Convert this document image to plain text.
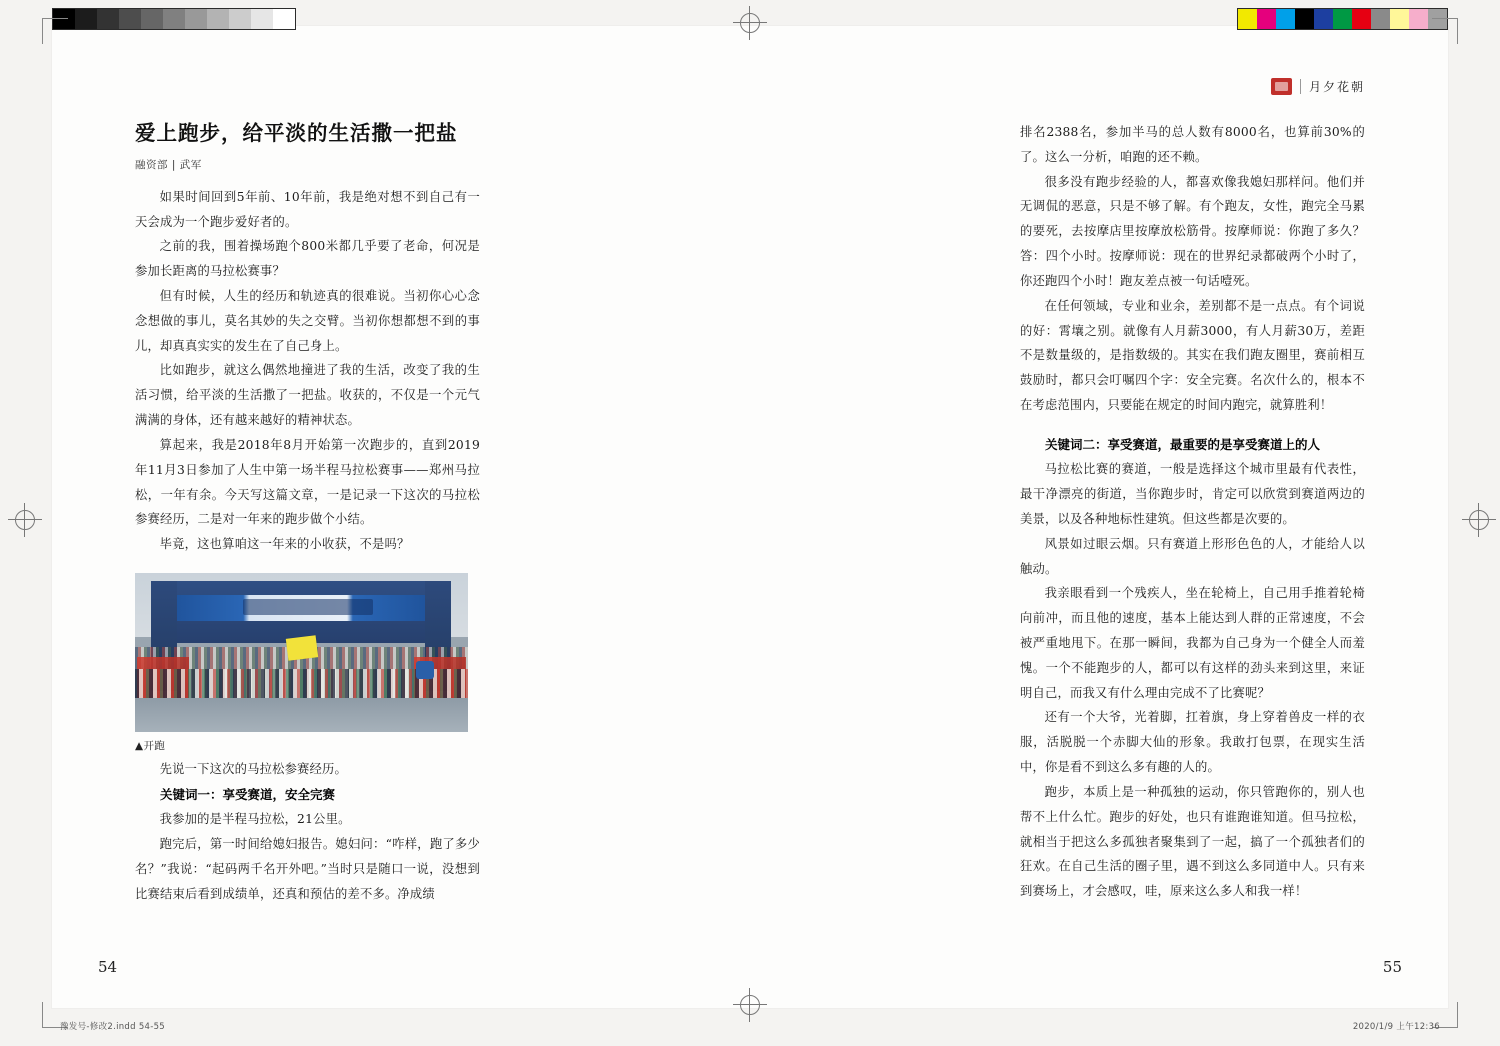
月夕花朝
爱上跑步，给平淡的生活撒一把盐
融资部 | 武军

如果时间回到5年前、10年前，我是绝对想不到自己有一天会成为一个跑步爱好者的。

之前的我，围着操场跑个800米都几乎要了老命，何况是参加长距离的马拉松赛事？

但有时候，人生的经历和轨迹真的很难说。当初你心心念念想做的事儿，莫名其妙的失之交臂。当初你想都想不到的事儿，却真真实实的发生在了自己身上。

比如跑步，就这么偶然地撞进了我的生活，改变了我的生活习惯，给平淡的生活撒了一把盐。收获的，不仅是一个元气满满的身体，还有越来越好的精神状态。

算起来，我是2018年8月开始第一次跑步的，直到2019年11月3日参加了人生中第一场半程马拉松赛事——郑州马拉松，一年有余。今天写这篇文章，一是记录一下这次的马拉松参赛经历，二是对一年来的跑步做个小结。

毕竟，这也算咱这一年来的小收获，不是吗？

▲开跑

先说一下这次的马拉松参赛经历。

关键词一：享受赛道，安全完赛

我参加的是半程马拉松，21公里。

跑完后，第一时间给媳妇报告。媳妇问：“咋样，跑了多少名？”我说：“起码两千名开外吧。”当时只是随口一说，没想到比赛结束后看到成绩单，还真和预估的差不多。净成绩

排名2388名，参加半马的总人数有8000名，也算前30%的了。这么一分析，咱跑的还不赖。

很多没有跑步经验的人，都喜欢像我媳妇那样问。他们并无调侃的恶意，只是不够了解。有个跑友，女性，跑完全马累的要死，去按摩店里按摩放松筋骨。按摩师说：你跑了多久？答：四个小时。按摩师说：现在的世界纪录都破两个小时了，你还跑四个小时！跑友差点被一句话噎死。

在任何领域，专业和业余，差别都不是一点点。有个词说的好：霄壤之别。就像有人月薪3000，有人月薪30万，差距不是数量级的，是指数级的。其实在我们跑友圈里，赛前相互鼓励时，都只会叮嘱四个字：安全完赛。名次什么的，根本不在考虑范围内，只要能在规定的时间内跑完，就算胜利！

关键词二：享受赛道，最重要的是享受赛道上的人

马拉松比赛的赛道，一般是选择这个城市里最有代表性，最干净漂亮的街道，当你跑步时，肯定可以欣赏到赛道两边的美景，以及各种地标性建筑。但这些都是次要的。

风景如过眼云烟。只有赛道上形形色色的人，才能给人以触动。

我亲眼看到一个残疾人，坐在轮椅上，自己用手推着轮椅向前冲，而且他的速度，基本上能达到人群的正常速度，不会被严重地甩下。在那一瞬间，我都为自己身为一个健全人而羞愧。一个不能跑步的人，都可以有这样的劲头来到这里，来证明自己，而我又有什么理由完成不了比赛呢？

还有一个大爷，光着脚，扛着旗，身上穿着兽皮一样的衣服，活脱脱一个赤脚大仙的形象。我敢打包票，在现实生活中，你是看不到这么多有趣的人的。

跑步，本质上是一种孤独的运动，你只管跑你的，别人也帮不上什么忙。跑步的好处，也只有谁跑谁知道。但马拉松，就相当于把这么多孤独者聚集到了一起，搞了一个孤独者们的狂欢。在自己生活的圈子里，遇不到这么多同道中人。只有来到赛场上，才会感叹，哇，原来这么多人和我一样！

54	55
豫发号-修改2.indd 54-55	2020/1/9 上午12:36
